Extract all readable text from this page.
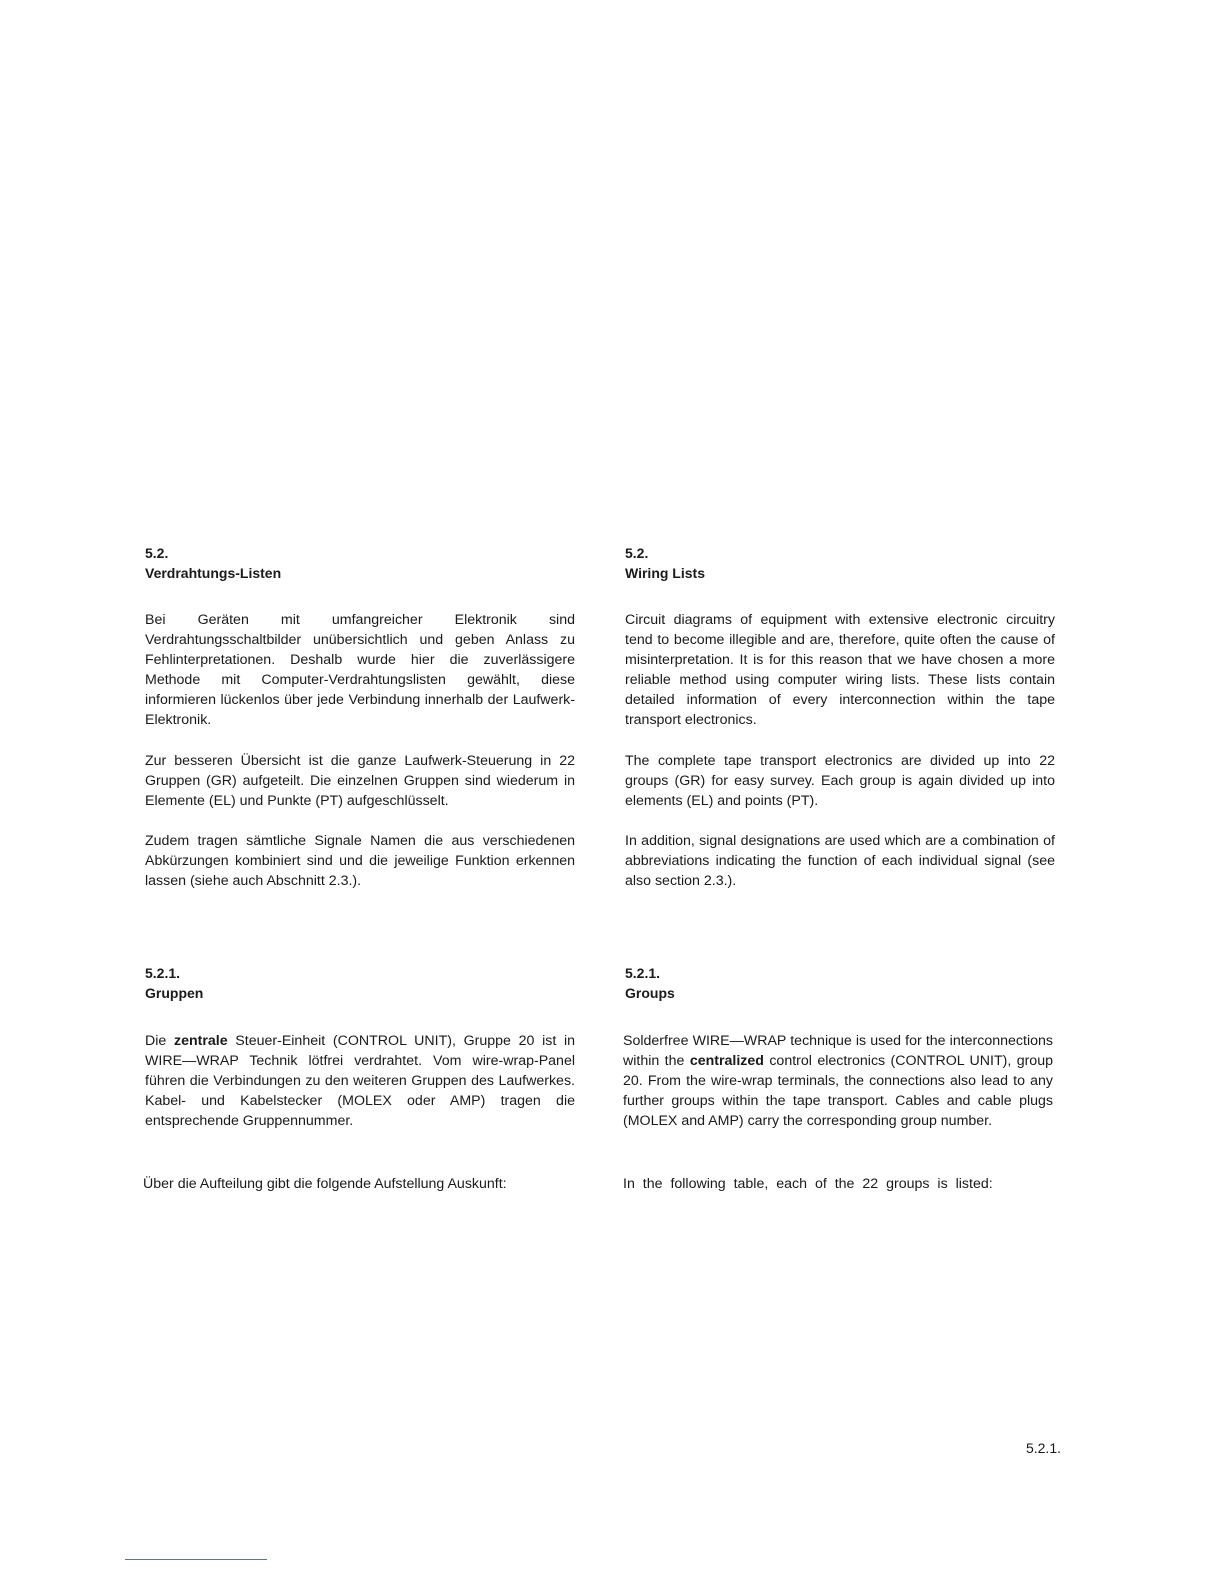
5.2.
Verdrahtungs-Listen

Bei Geräten mit umfangreicher Elektronik sind Verdrahtungsschaltbilder unübersichtlich und geben Anlass zu Fehlinterpretationen. Deshalb wurde hier die zuverlässigere Methode mit Computer-Verdrahtungslisten gewählt, diese informieren lückenlos über jede Verbindung innerhalb der Laufwerk-Elektronik.

Zur besseren Übersicht ist die ganze Laufwerk-Steuerung in 22 Gruppen (GR) aufgeteilt. Die einzelnen Gruppen sind wiederum in Elemente (EL) und Punkte (PT) aufgeschlüsselt.

Zudem tragen sämtliche Signale Namen die aus verschiedenen Abkürzungen kombiniert sind und die jeweilige Funktion erkennen lassen (siehe auch Abschnitt 2.3.).

5.2.1.
Gruppen

Die zentrale Steuer-Einheit (CONTROL UNIT), Gruppe 20 ist in WIRE—WRAP Technik lötfrei verdrahtet. Vom wire-wrap-Panel führen die Verbindungen zu den weiteren Gruppen des Laufwerkes. Kabel- und Kabelstecker (MOLEX oder AMP) tragen die entsprechende Gruppennummer.

Über die Aufteilung gibt die folgende Aufstellung Auskunft:

5.2.
Wiring Lists

Circuit diagrams of equipment with extensive electronic circuitry tend to become illegible and are, therefore, quite often the cause of misinterpretation. It is for this reason that we have chosen a more reliable method using computer wiring lists. These lists contain detailed information of every interconnection within the tape transport electronics.

The complete tape transport electronics are divided up into 22 groups (GR) for easy survey. Each group is again divided up into elements (EL) and points (PT).

In addition, signal designations are used which are a combination of abbreviations indicating the function of each individual signal (see also section 2.3.).

5.2.1.
Groups

Solderfree WIRE—WRAP technique is used for the interconnections within the centralized control electronics (CONTROL UNIT), group 20. From the wire-wrap terminals, the connections also lead to any further groups within the tape transport. Cables and cable plugs (MOLEX and AMP) carry the corresponding group number.

In the following table, each of the 22 groups is listed:

5.2.1.
